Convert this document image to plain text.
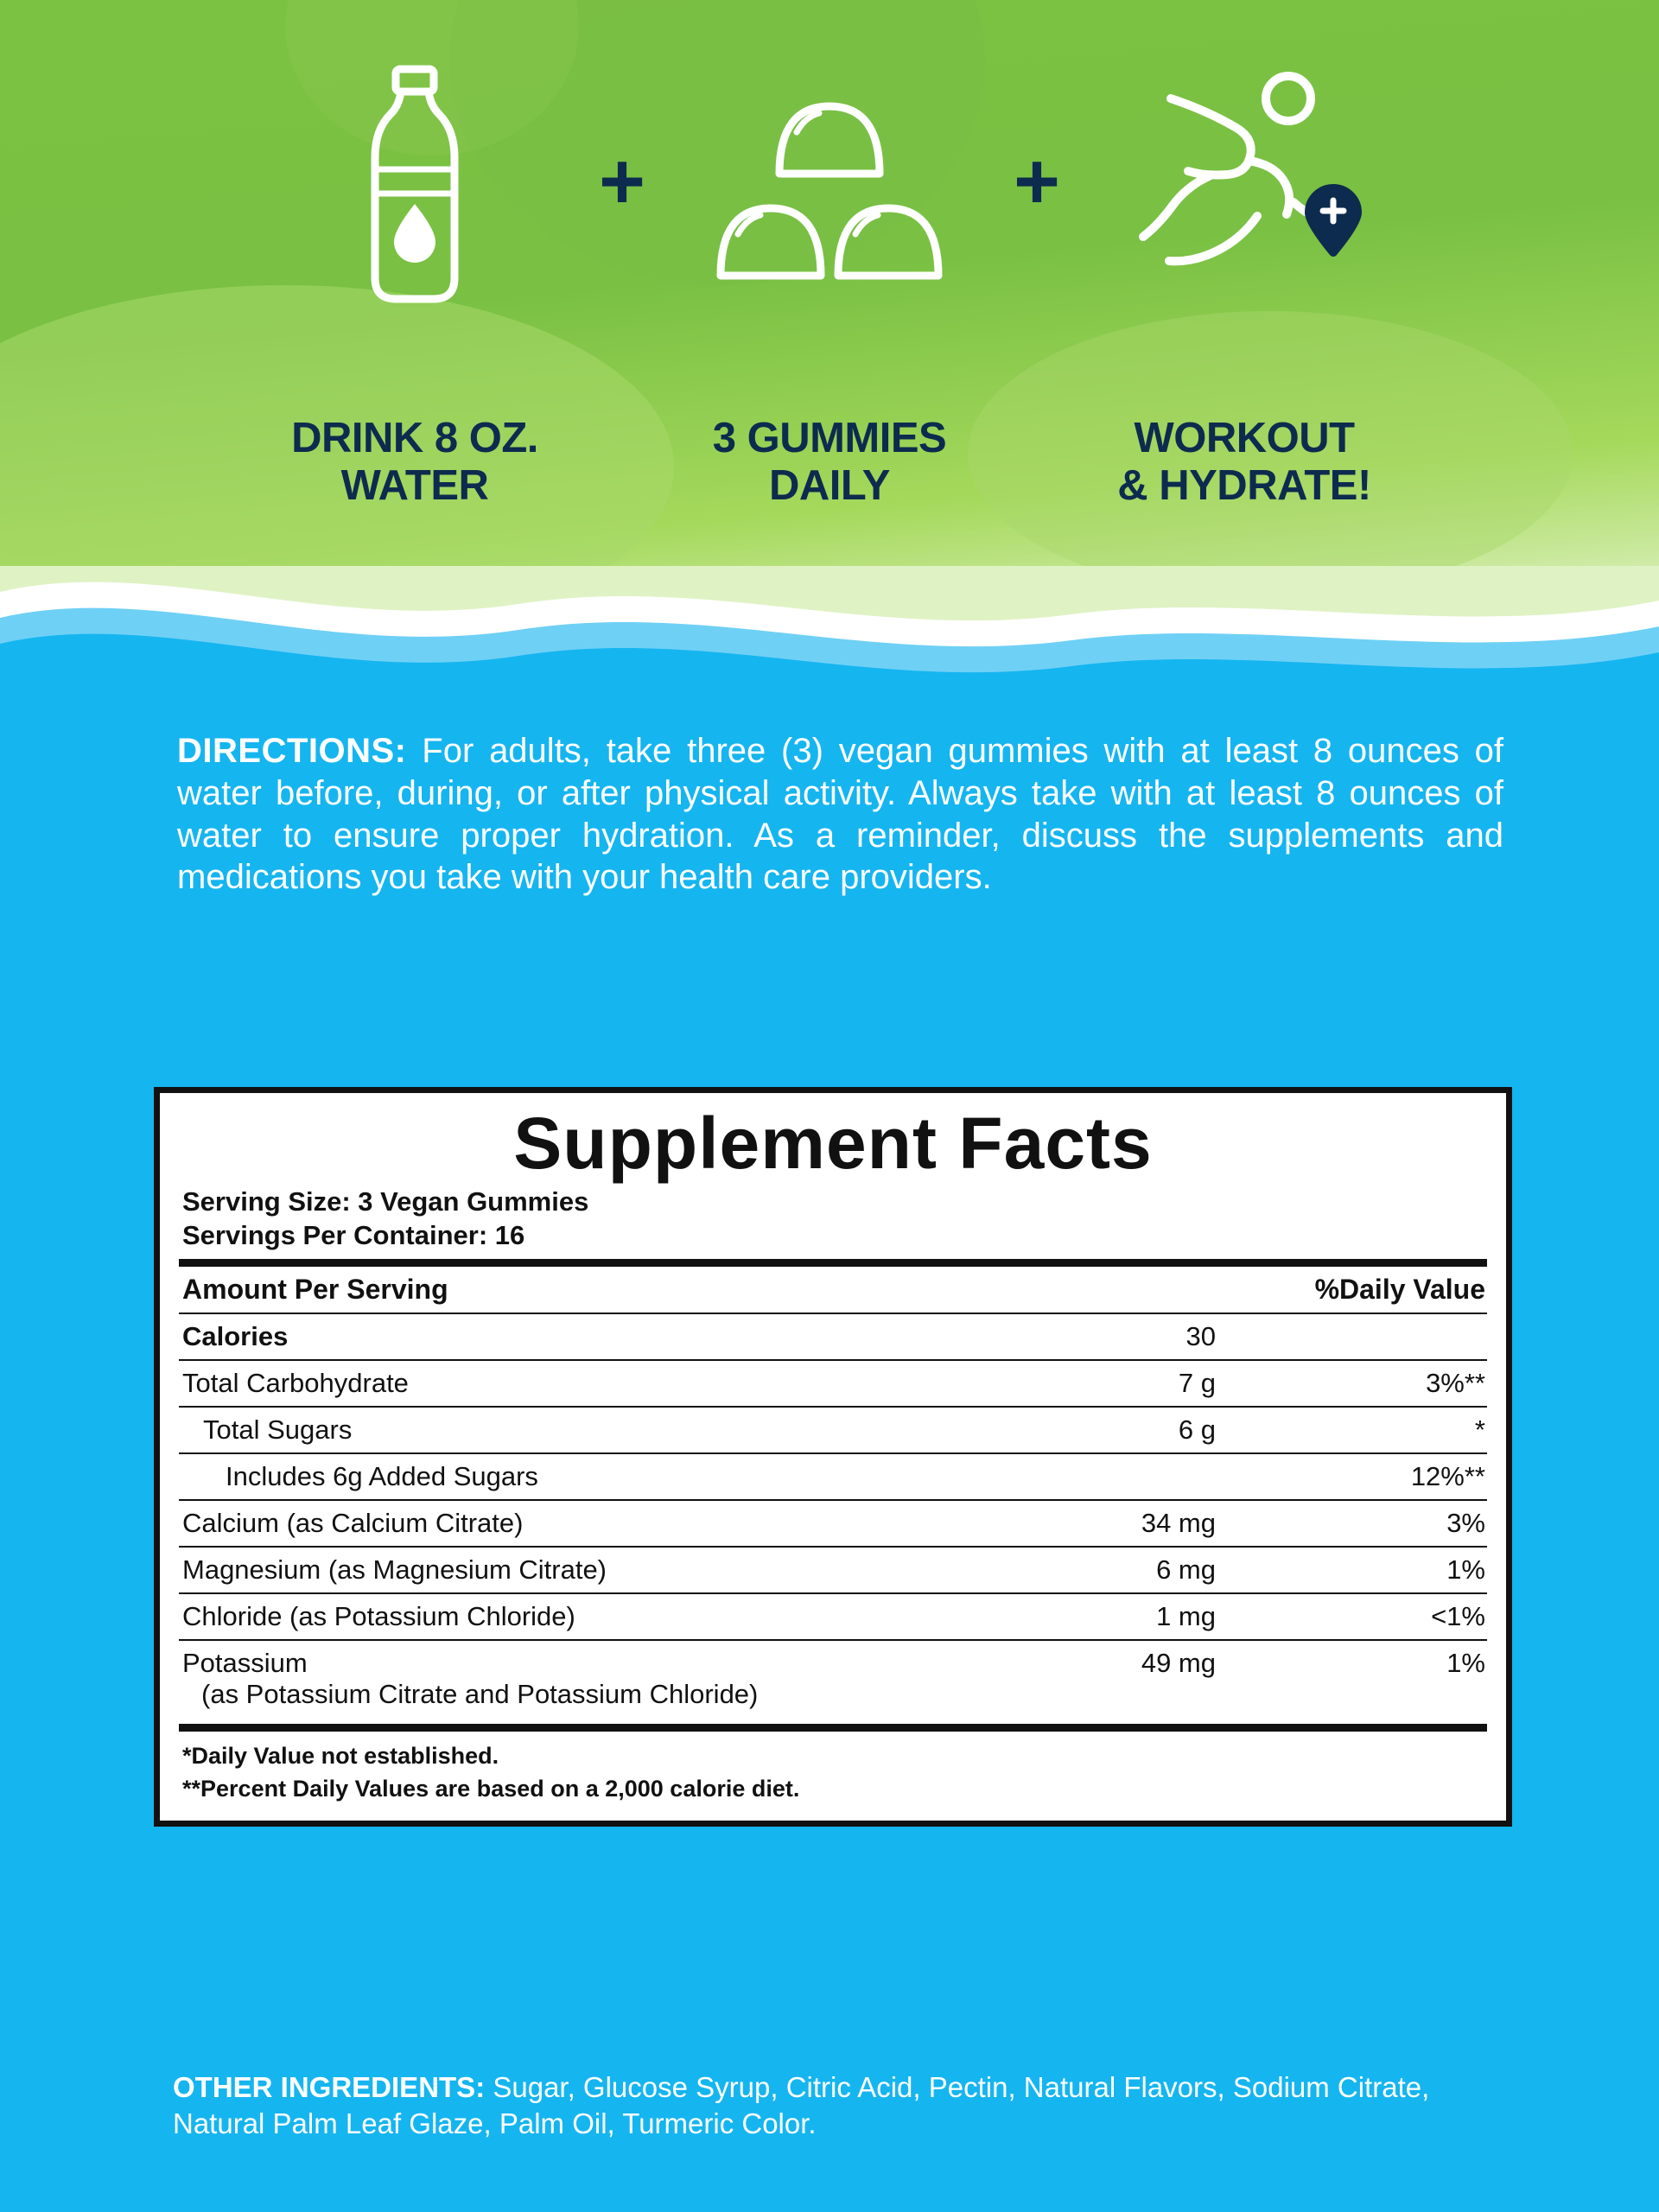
+	+
DRINK 8 OZ.
WATER
3 GUMMIES
DAILY
WORKOUT
& HYDRATE!
DIRECTIONS: For adults, take three (3) vegan gummies with at least 8 ounces of water before, during, or after physical activity. Always take with at least 8 ounces of water to ensure proper hydration. As a reminder, discuss the supplements and medications you take with your health care providers.
Supplement Facts
Serving Size: 3 Vegan Gummies
Servings Per Container: 16
Amount Per Serving		%Daily Value
Calories	30	
Total Carbohydrate	7 g	3%**
Total Sugars	6 g	*
Includes 6g Added Sugars		12%**
Calcium (as Calcium Citrate)	34 mg	3%
Magnesium (as Magnesium Citrate)	6 mg	1%
Chloride (as Potassium Chloride)	1 mg	<1%
Potassium
(as Potassium Citrate and Potassium Chloride)	49 mg	1%
*Daily Value not established.
**Percent Daily Values are based on a 2,000 calorie diet.
OTHER INGREDIENTS: Sugar, Glucose Syrup, Citric Acid, Pectin, Natural Flavors, Sodium Citrate, Natural Palm Leaf Glaze, Palm Oil, Turmeric Color.
